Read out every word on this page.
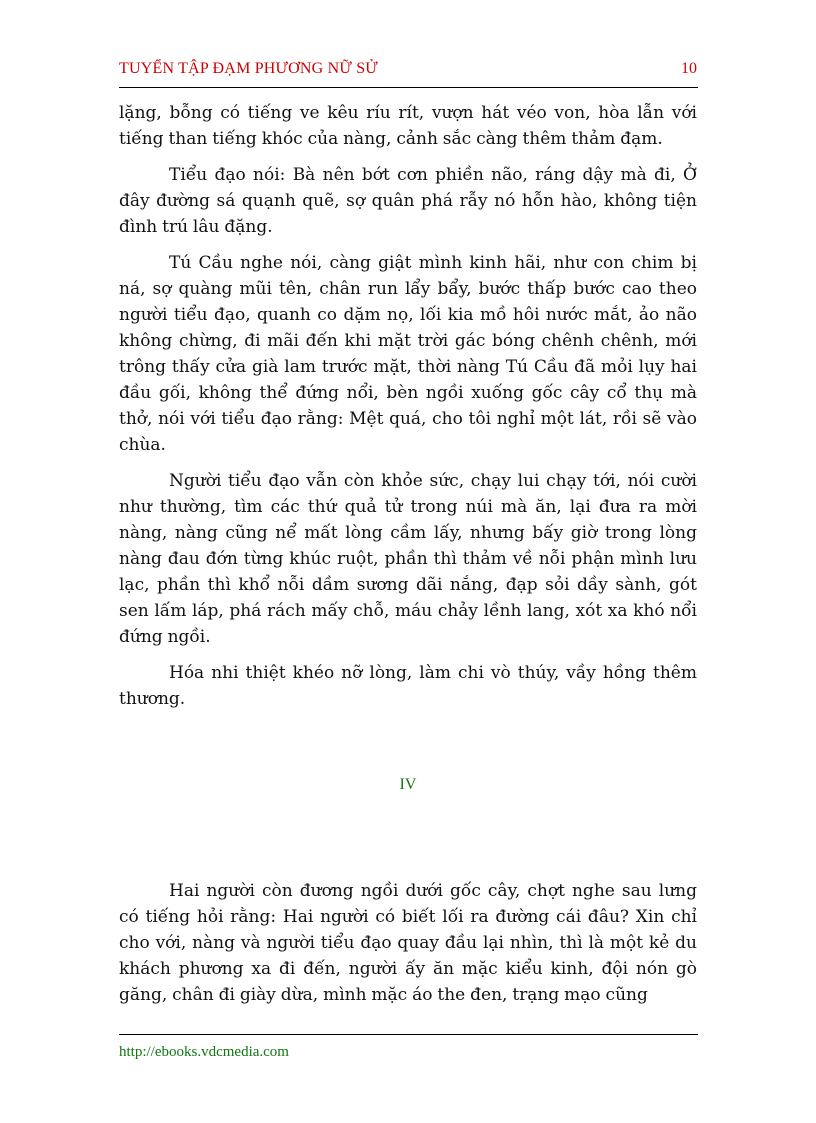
TUYỂN TẬP ĐẠM PHƯƠNG NỮ SỬ	10

lặng, bỗng có tiếng ve kêu ríu rít, vượn hát véo von, hòa lẫn với tiếng than tiếng khóc của nàng, cảnh sắc càng thêm thảm đạm.

Tiểu đạo nói: Bà nên bớt cơn phiền não, ráng dậy mà đi, Ở đây đường sá quạnh quẽ, sợ quân phá rẫy nó hỗn hào, không tiện đình trú lâu đặng.

Tú Cầu nghe nói, càng giật mình kinh hãi, như con chim bị ná, sợ quàng mũi tên, chân run lẩy bẩy, bước thấp bước cao theo người tiểu đạo, quanh co dặm nọ, lối kia mồ hôi nước mắt, ảo não không chừng, đi mãi đến khi mặt trời gác bóng chênh chênh, mới trông thấy cửa già lam trước mặt, thời nàng Tú Cầu đã mỏi lụy hai đầu gối, không thể đứng nổi, bèn ngồi xuống gốc cây cổ thụ mà thở, nói với tiểu đạo rằng: Mệt quá, cho tôi nghỉ một lát, rồi sẽ vào chùa.

Người tiểu đạo vẫn còn khỏe sức, chạy lui chạy tới, nói cười như thường, tìm các thứ quả tử trong núi mà ăn, lại đưa ra mời nàng, nàng cũng nể mất lòng cầm lấy, nhưng bấy giờ trong lòng nàng đau đớn từng khúc ruột, phần thì thảm về nỗi phận mình lưu lạc, phần thì khổ nỗi dầm sương dãi nắng, đạp sỏi dầy sành, gót sen lấm láp, phá rách mấy chỗ, máu chảy lềnh lang, xót xa khó nổi đứng ngồi.

Hóa nhi thiệt khéo nỡ lòng, làm chi vò thúy, vầy hồng thêm thương.

IV

Hai người còn đương ngồi dưới gốc cây, chợt nghe sau lưng có tiếng hỏi rằng: Hai người có biết lối ra đường cái đâu? Xin chỉ cho với, nàng và người tiểu đạo quay đầu lại nhìn, thì là một kẻ du khách phương xa đi đến, người ấy ăn mặc kiểu kinh, đội nón gò găng, chân đi giày dừa, mình mặc áo the đen, trạng mạo cũng

http://ebooks.vdcmedia.com
